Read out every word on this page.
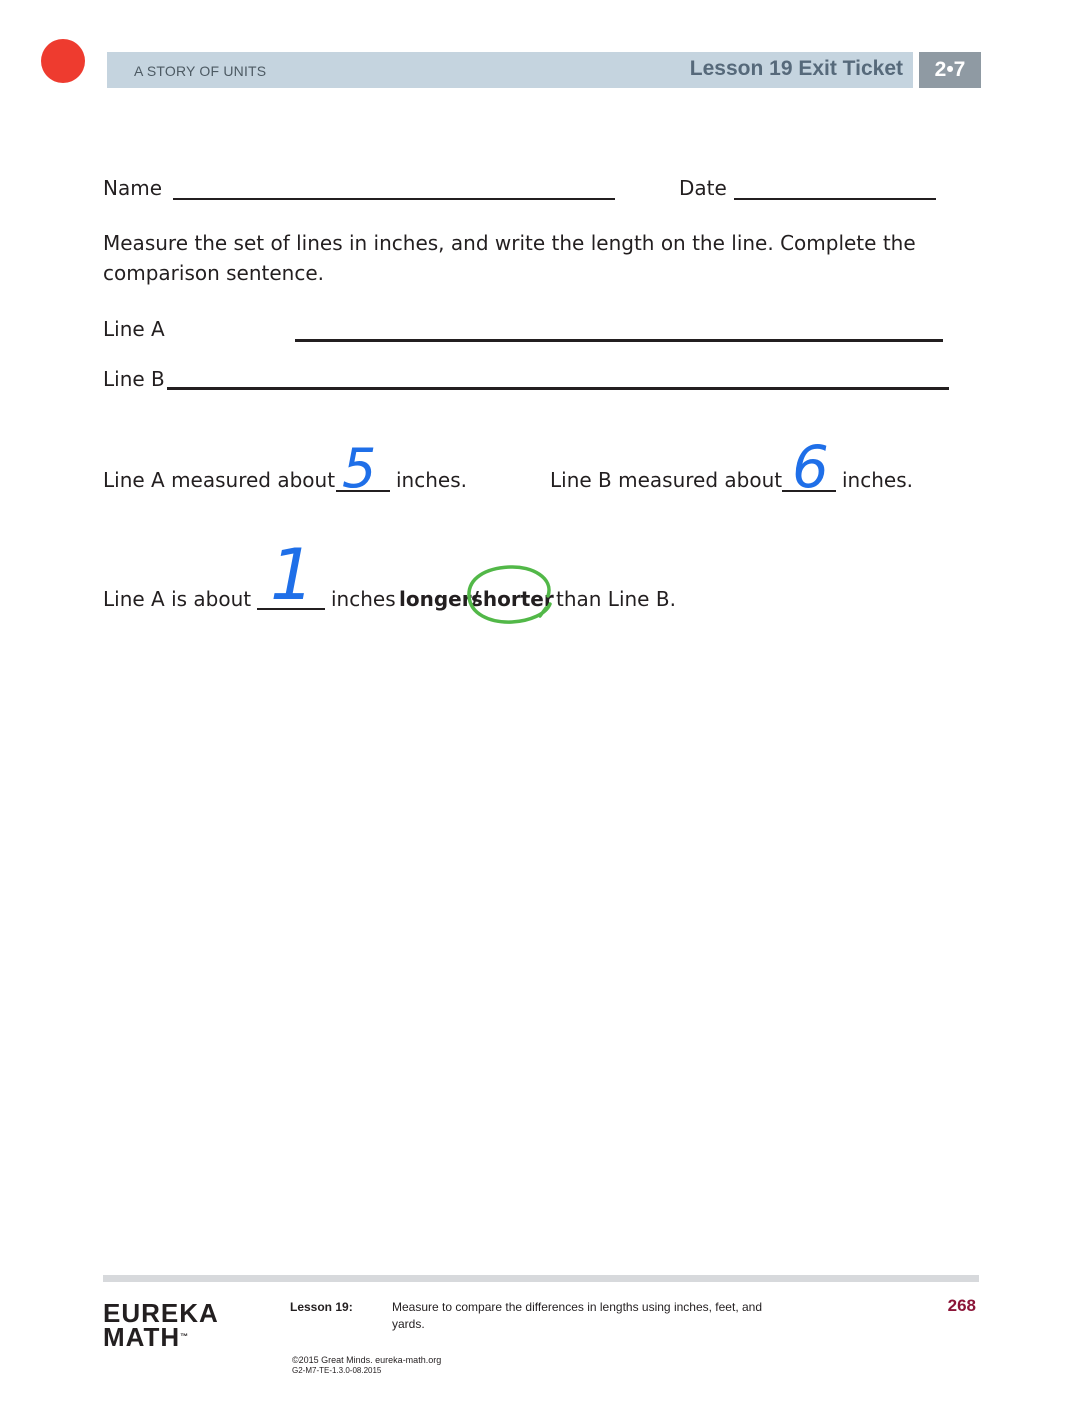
A STORY OF UNITS	Lesson 19 Exit Ticket	2•7
Name	Date
Measure the set of lines in inches, and write the length on the line. Complete the
comparison sentence.
Line A
Line B
Line A measured about 5 inches.	Line B measured about 6 inches.
Line A is about 1 inches longer/
shorter than Line B.
EUREKA
MATH™
Lesson 19:	Measure to compare the differences in lengths using inches, feet, and
yards.
268
©2015 Great Minds. eureka-math.org
G2-M7-TE-1.3.0-08.2015
